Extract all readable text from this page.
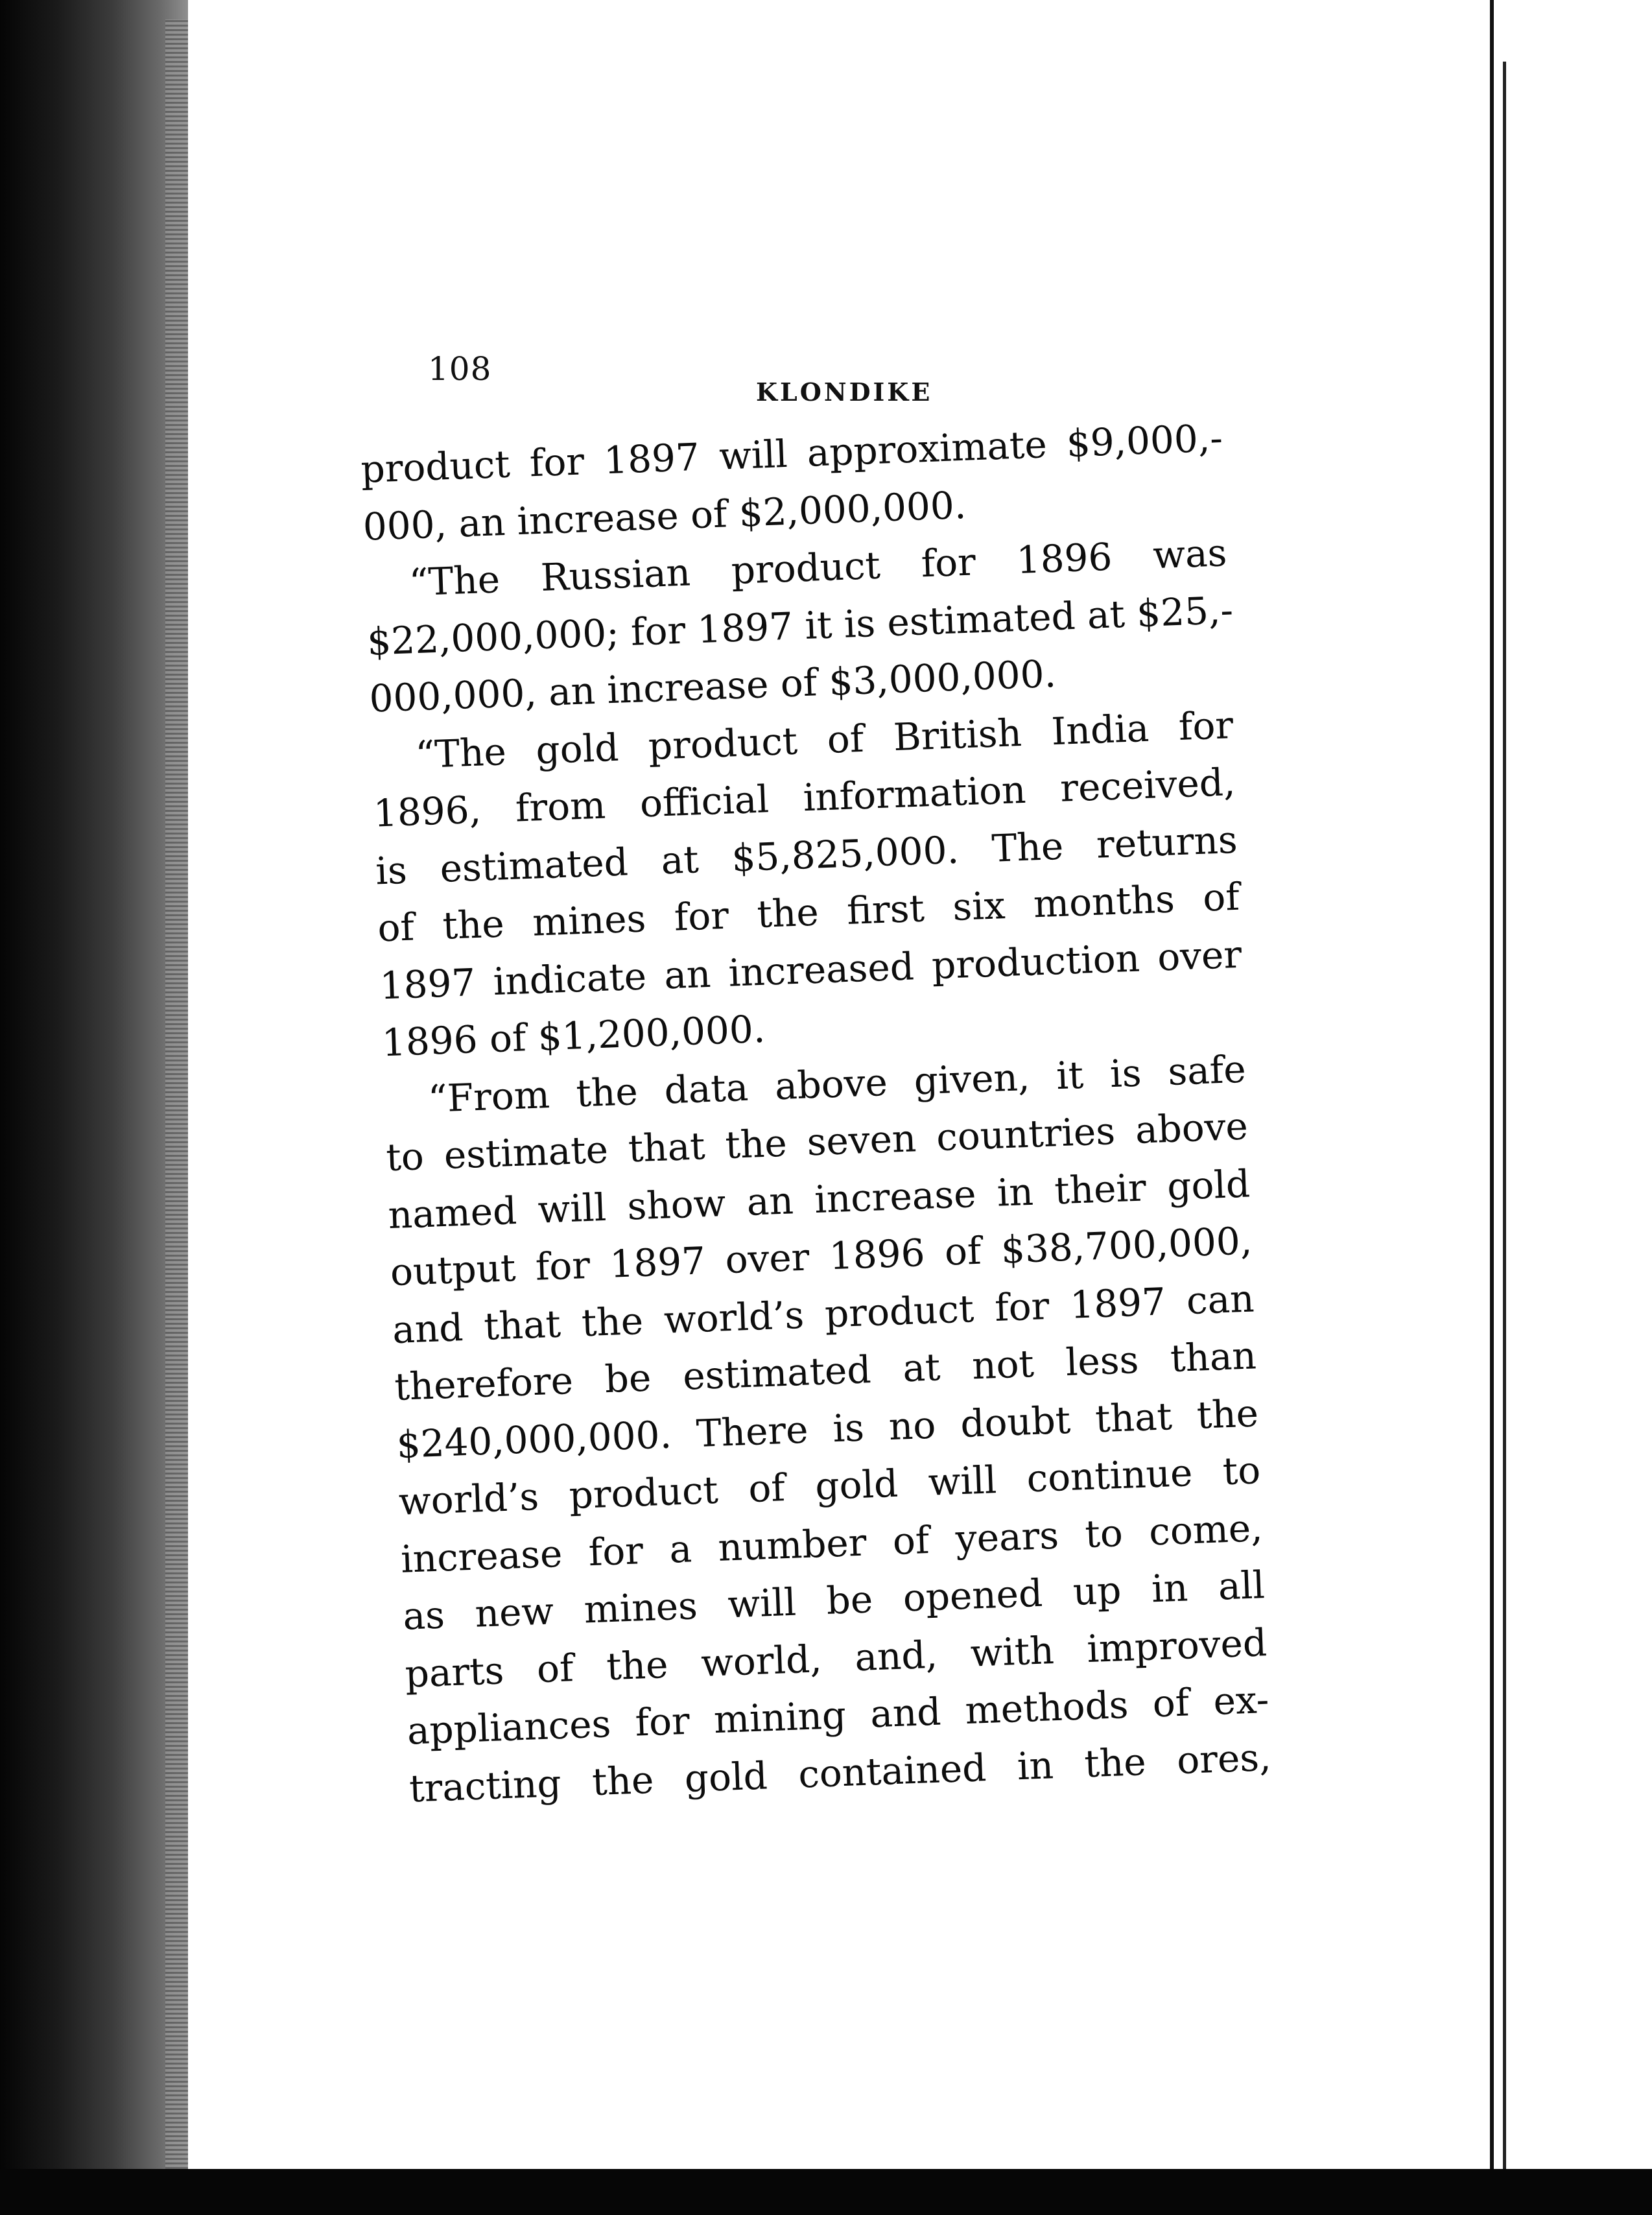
108
KLONDIKE
product for 1897 will approximate $9,000,-
000, an increase of $2,000,000.
“The Russian product for 1896 was
$22,000,000; for 1897 it is estimated at $25,-
000,000, an increase of $3,000,000.
“The gold product of British India for
1896, from official information received,
is estimated at $5,825,000. The returns
of the mines for the first six months of
1897 indicate an increased production over
1896 of $1,200,000.
“From the data above given, it is safe
to estimate that the seven countries above
named will show an increase in their gold
output for 1897 over 1896 of $38,700,000,
and that the world’s product for 1897 can
therefore be estimated at not less than
$240,000,000. There is no doubt that the
world’s product of gold will continue to
increase for a number of years to come,
as new mines will be opened up in all
parts of the world, and, with improved
appliances for mining and methods of ex-
tracting the gold contained in the ores,
